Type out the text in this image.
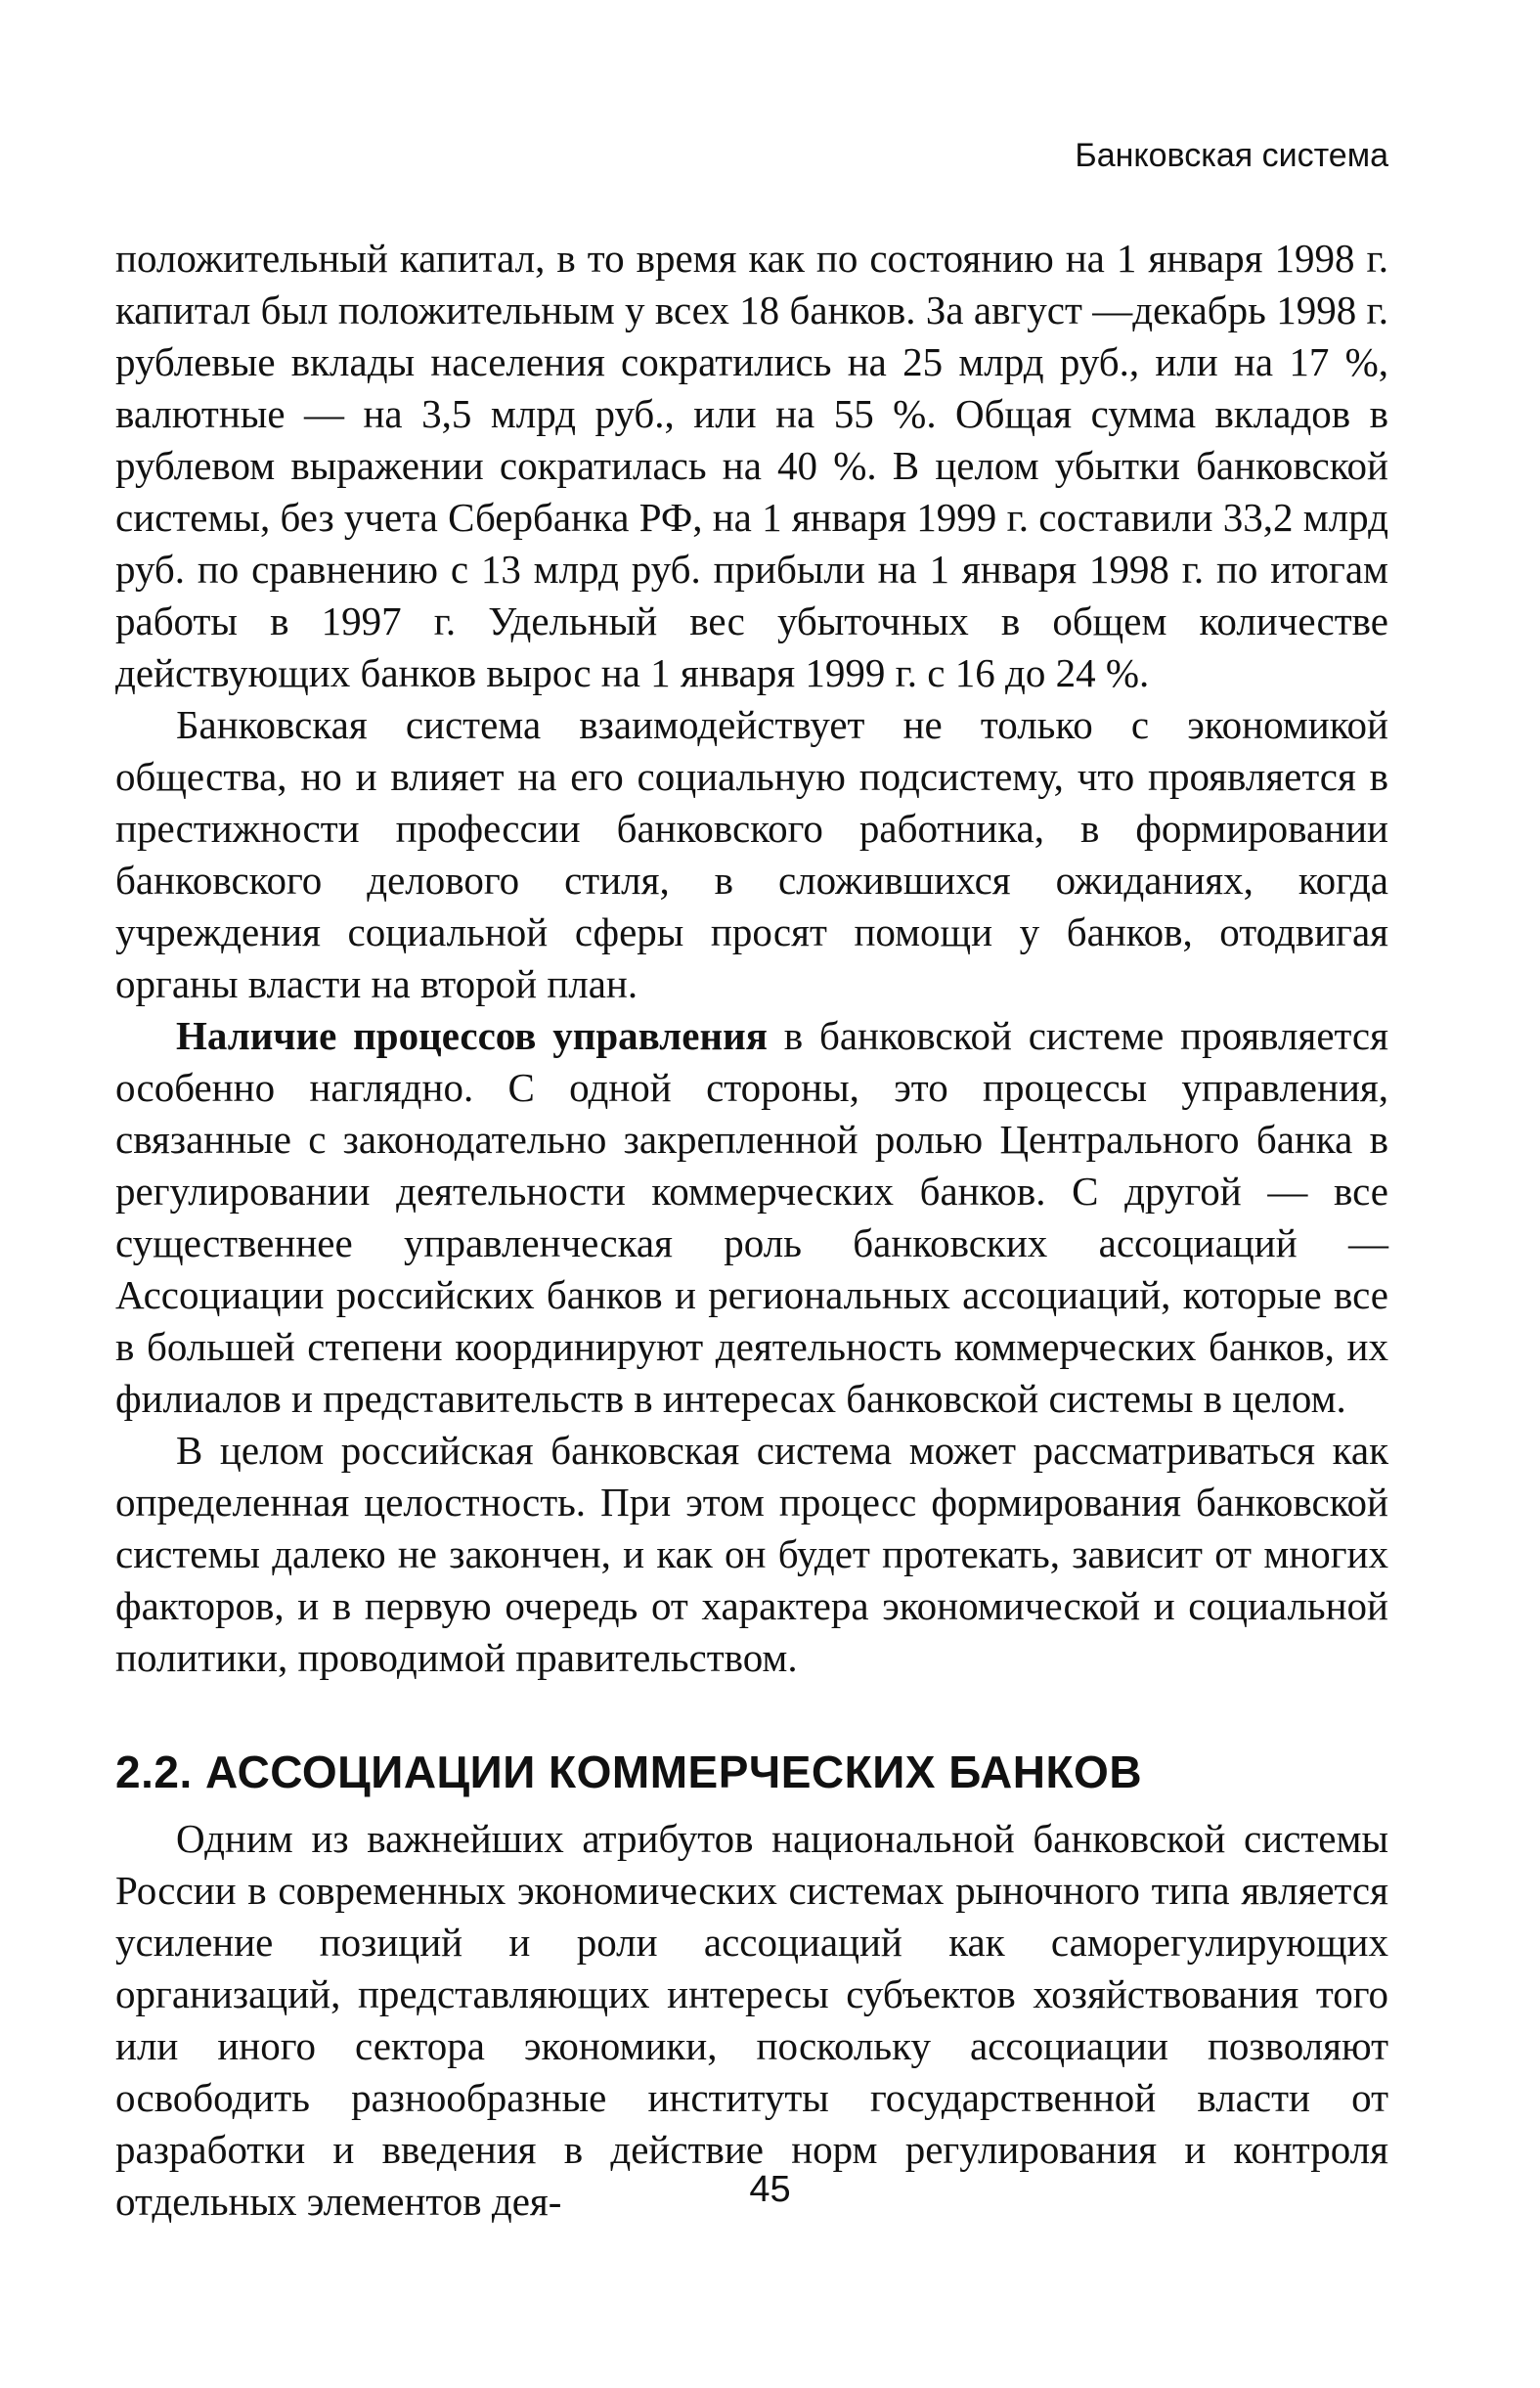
Банковская система

положительный капитал, в то время как по состоянию на 1 января 1998 г. капитал был положительным у всех 18 банков. За август —декабрь 1998 г. рублевые вклады населения сократились на 25 млрд руб., или на 17 %, валютные — на 3,5 млрд руб., или на 55 %. Общая сумма вкладов в рублевом выражении сократилась на 40 %. В целом убытки банковской системы, без учета Сбербанка РФ, на 1 января 1999 г. составили 33,2 млрд руб. по сравнению с 13 млрд руб. прибыли на 1 января 1998 г. по итогам работы в 1997 г. Удельный вес убыточных в общем количестве действующих банков вырос на 1 января 1999 г. с 16 до 24 %.

Банковская система взаимодействует не только с экономикой общества, но и влияет на его социальную подсистему, что проявляется в престижности профессии банковского работника, в формировании банковского делового стиля, в сложившихся ожиданиях, когда учреждения социальной сферы просят помощи у банков, отодвигая органы власти на второй план.

Наличие процессов управления в банковской системе проявляется особенно наглядно. С одной стороны, это процессы управления, связанные с законодательно закрепленной ролью Центрального банка в регулировании деятельности коммерческих банков. С другой — все существеннее управленческая роль банковских ассоциаций — Ассоциации российских банков и региональных ассоциаций, которые все в большей степени координируют деятельность коммерческих банков, их филиалов и представительств в интересах банковской системы в целом.

В целом российская банковская система может рассматриваться как определенная целостность. При этом процесс формирования банковской системы далеко не закончен, и как он будет протекать, зависит от многих факторов, и в первую очередь от характера экономической и социальной политики, проводимой правительством.

2.2. АССОЦИАЦИИ КОММЕРЧЕСКИХ БАНКОВ

Одним из важнейших атрибутов национальной банковской системы России в современных экономических системах рыночного типа является усиление позиций и роли ассоциаций как саморегулирующих организаций, представляющих интересы субъектов хозяйствования того или иного сектора экономики, поскольку ассоциации позволяют освободить разнообразные институты государственной власти от разработки и введения в действие норм регулирования и контроля отдельных элементов дея-	45
